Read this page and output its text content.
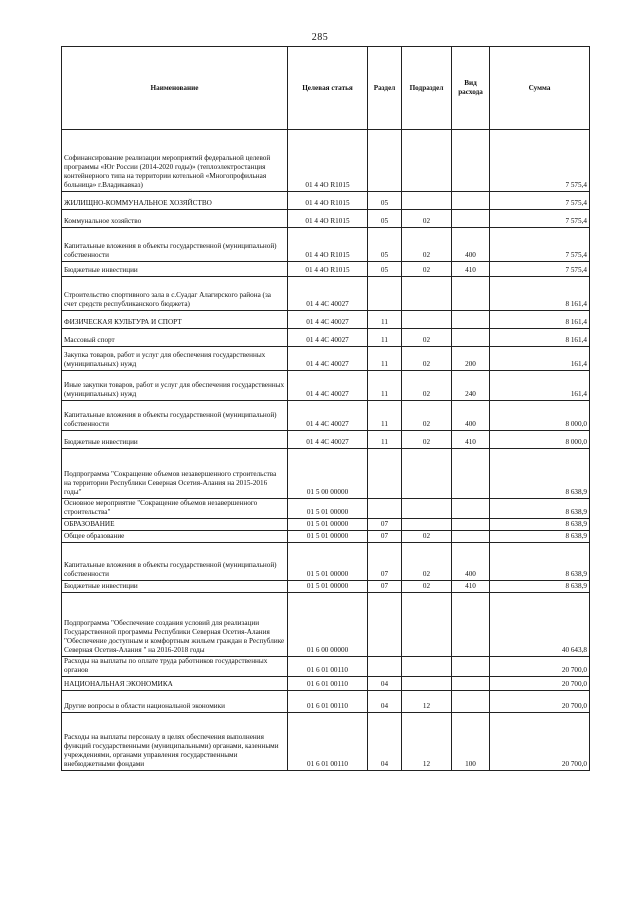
285
Наименование	Целевая статья	Раздел	Подраздел	Вид расхода	Сумма
Софинансирование реализации мероприятий федеральной целевой программы «Юг России (2014-2020 годы)» (теплоэлектростанция контейнерного типа на территории котельной «Многопрофильная больница» г.Владикавказ)	01 4 4О R1015				7 575,4
ЖИЛИЩНО-КОММУНАЛЬНОЕ ХОЗЯЙСТВО	01 4 4О R1015	05			7 575,4
Коммунальное хозяйство	01 4 4О R1015	05	02		7 575,4
Капитальные вложения в объекты государственной (муниципальной) собственности	01 4 4О R1015	05	02	400	7 575,4
Бюджетные инвестиции	01 4 4О R1015	05	02	410	7 575,4
Строительство спортивного зала в с.Суадаг Алагирского района (за счет средств республиканского бюджета)	01 4 4С 40027				8 161,4
ФИЗИЧЕСКАЯ КУЛЬТУРА И СПОРТ	01 4 4С 40027	11			8 161,4
Массовый спорт	01 4 4С 40027	11	02		8 161,4
Закупка товаров, работ и услуг для обеспечения государственных (муниципальных) нужд	01 4 4С 40027	11	02	200	161,4
Иные закупки товаров, работ и услуг для обеспечения государственных (муниципальных) нужд	01 4 4С 40027	11	02	240	161,4
Капитальные вложения в объекты государственной (муниципальной) собственности	01 4 4С 40027	11	02	400	8 000,0
Бюджетные инвестиции	01 4 4С 40027	11	02	410	8 000,0
Подпрограмма "Сокращение объемов незавершенного строительства на территории Республики Северная Осетия-Алания на 2015-2016 годы"	01 5 00 00000				8 638,9
Основное мероприятие "Сокращение объемов незавершенного строительства"	01 5 01 00000				8 638,9
ОБРАЗОВАНИЕ	01 5 01 00000	07			8 638,9
Общее образование	01 5 01 00000	07	02		8 638,9
Капитальные вложения в объекты государственной (муниципальной) собственности	01 5 01 00000	07	02	400	8 638,9
Бюджетные инвестиции	01 5 01 00000	07	02	410	8 638,9
Подпрограмма "Обеспечение создания условий для реализации Государственной программы Республики Северная Осетия-Алания "Обеспечение доступным и комфортным жильем граждан в Республике Северная Осетия-Алания " на 2016-2018 годы	01 6 00 00000				40 643,8
Расходы на выплаты по оплате труда работников государственных органов	01 6 01 00110				20 700,0
НАЦИОНАЛЬНАЯ ЭКОНОМИКА	01 6 01 00110	04			20 700,0
Другие вопросы в области национальной экономики	01 6 01 00110	04	12		20 700,0
Расходы на выплаты персоналу в целях обеспечения выполнения функций государственными (муниципальными) органами, казенными учреждениями, органами управления государственными внебюджетными фондами	01 6 01 00110	04	12	100	20 700,0
